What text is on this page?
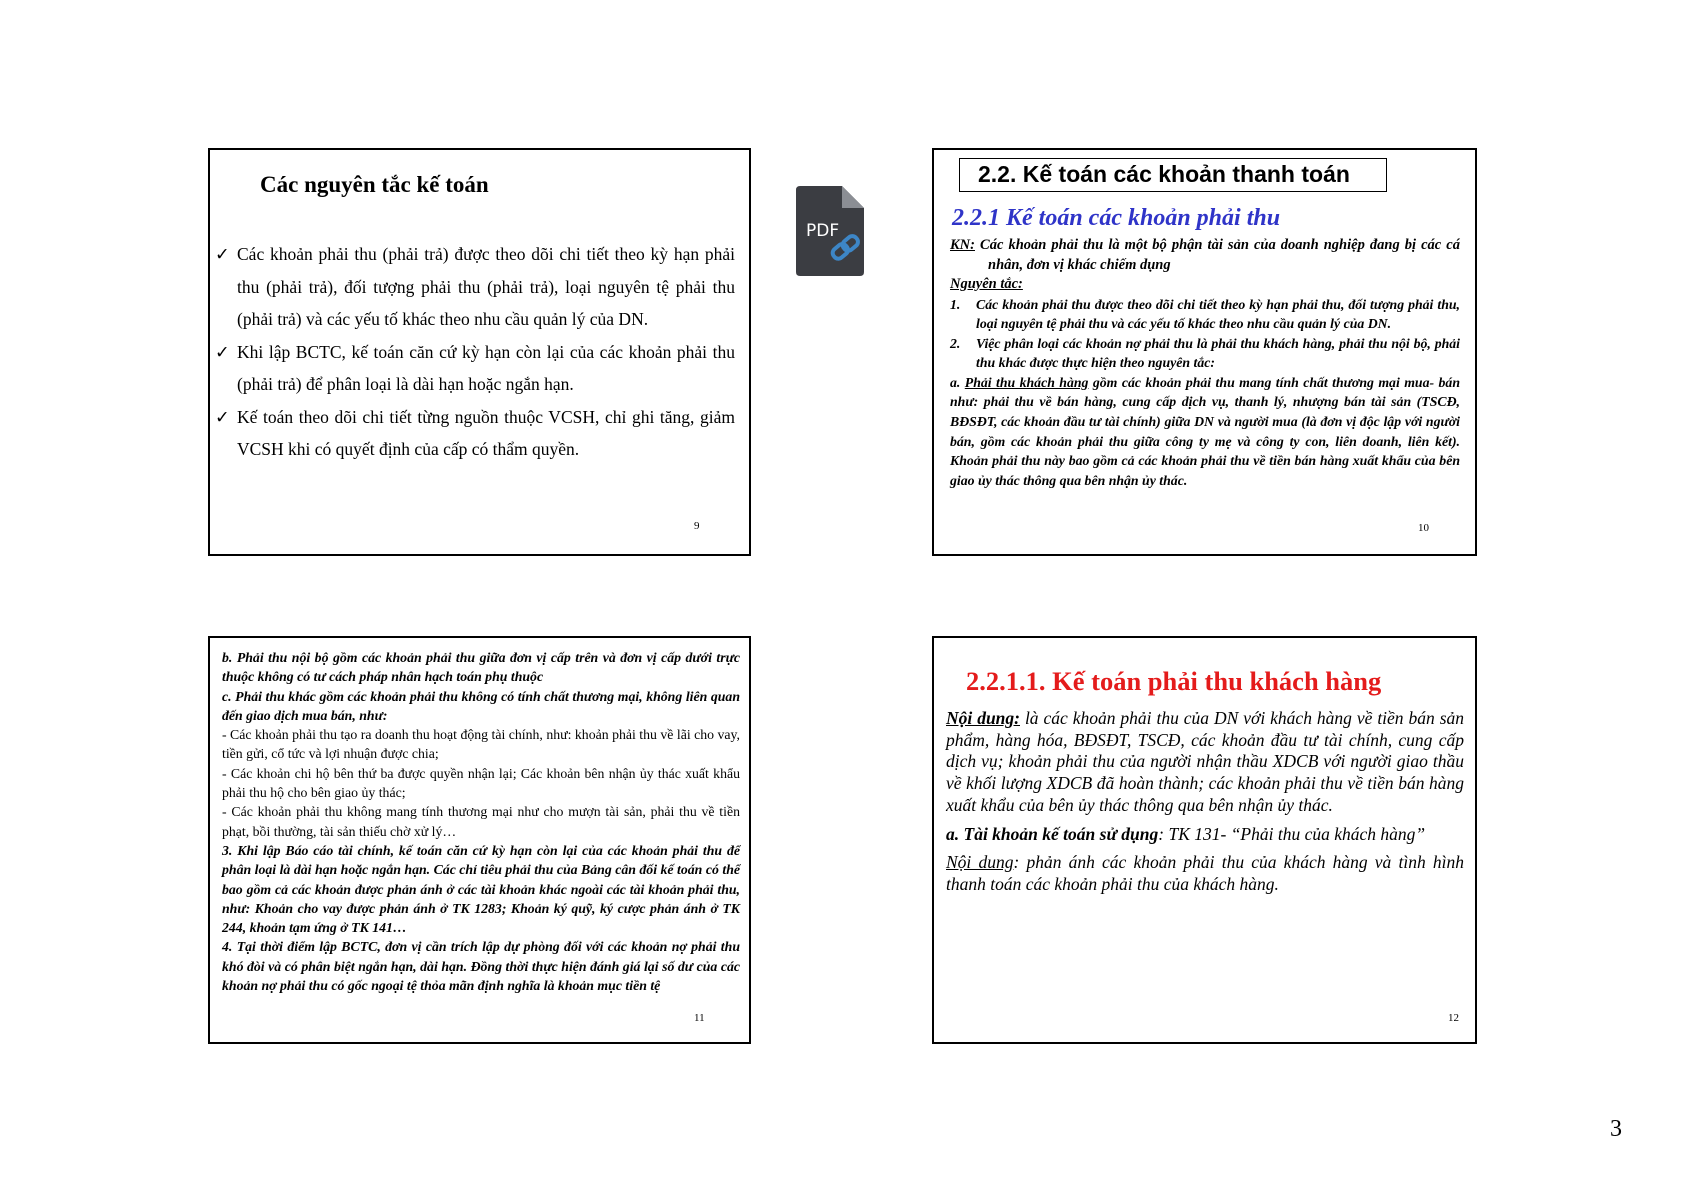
Các nguyên tắc kế toán
✓ Các khoản phải thu (phải trả) được theo dõi chi tiết theo kỳ hạn phải thu (phải trả), đối tượng phải thu (phải trả), loại nguyên tệ phải thu (phải trả) và các yếu tố khác theo nhu cầu quản lý của DN.
✓ Khi lập BCTC, kế toán căn cứ kỳ hạn còn lại của các khoản phải thu (phải trả) để phân loại là dài hạn hoặc ngắn hạn.
✓ Kế toán theo dõi chi tiết từng nguồn thuộc VCSH, chỉ ghi tăng, giảm VCSH khi có quyết định của cấp có thẩm quyền.
9
PDF
2.2. Kế toán các khoản thanh toán
2.2.1 Kế toán các khoản phải thu

KN: Các khoản phải thu là một bộ phận tài sản của doanh nghiệp đang bị các cá nhân, đơn vị khác chiếm dụng

Nguyên tắc:

1. Các khoản phải thu được theo dõi chi tiết theo kỳ hạn phải thu, đối tượng phải thu, loại nguyên tệ phải thu và các yếu tố khác theo nhu cầu quản lý của DN.
2. Việc phân loại các khoản nợ phải thu là phải thu khách hàng, phải thu nội bộ, phải thu khác được thực hiện theo nguyên tắc:

a. Phải thu khách hàng gồm các khoản phải thu mang tính chất thương mại mua- bán như: phải thu về bán hàng, cung cấp dịch vụ, thanh lý, nhượng bán tài sản (TSCĐ, BĐSĐT, các khoản đầu tư tài chính) giữa DN và người mua (là đơn vị độc lập với người bán, gồm các khoản phải thu giữa công ty mẹ và công ty con, liên doanh, liên kết). Khoản phải thu này bao gồm cả các khoản phải thu về tiền bán hàng xuất khẩu của bên giao ủy thác thông qua bên nhận ủy thác.

10

b. Phải thu nội bộ gồm các khoản phải thu giữa đơn vị cấp trên và đơn vị cấp dưới trực thuộc không có tư cách pháp nhân hạch toán phụ thuộc

c. Phải thu khác gồm các khoản phải thu không có tính chất thương mại, không liên quan đến giao dịch mua bán, như:

- Các khoản phải thu tạo ra doanh thu hoạt động tài chính, như: khoản phải thu về lãi cho vay, tiền gửi, cổ tức và lợi nhuận được chia;

- Các khoản chi hộ bên thứ ba được quyền nhận lại; Các khoản bên nhận ủy thác xuất khẩu phải thu hộ cho bên giao ủy thác;

- Các khoản phải thu không mang tính thương mại như cho mượn tài sản, phải thu về tiền phạt, bồi thường, tài sản thiếu chờ xử lý…

3. Khi lập Báo cáo tài chính, kế toán căn cứ kỳ hạn còn lại của các khoản phải thu để phân loại là dài hạn hoặc ngắn hạn. Các chỉ tiêu phải thu của Bảng cân đối kế toán có thể bao gồm cả các khoản được phản ánh ở các tài khoản khác ngoài các tài khoản phải thu, như: Khoản cho vay được phản ánh ở TK 1283; Khoản ký quỹ, ký cược phản ánh ở TK 244, khoản tạm ứng ở TK 141…

4. Tại thời điểm lập BCTC, đơn vị cần trích lập dự phòng đối với các khoản nợ phải thu khó đòi và có phân biệt ngắn hạn, dài hạn. Đồng thời thực hiện đánh giá lại số dư của các khoản nợ phải thu có gốc ngoại tệ thỏa mãn định nghĩa là khoản mục tiền tệ

11
2.2.1.1. Kế toán phải thu khách hàng

Nội dung: là các khoản phải thu của DN với khách hàng về tiền bán sản phẩm, hàng hóa, BĐSĐT, TSCĐ, các khoản đầu tư tài chính, cung cấp dịch vụ; khoản phải thu của người nhận thầu XDCB với người giao thầu về khối lượng XDCB đã hoàn thành; các khoản phải thu về tiền bán hàng xuất khẩu của bên ủy thác thông qua bên nhận ủy thác.

a. Tài khoản kế toán sử dụng: TK 131- “Phải thu của khách hàng”

Nội dung: phản ánh các khoản phải thu của khách hàng và tình hình thanh toán các khoản phải thu của khách hàng.

12
3
